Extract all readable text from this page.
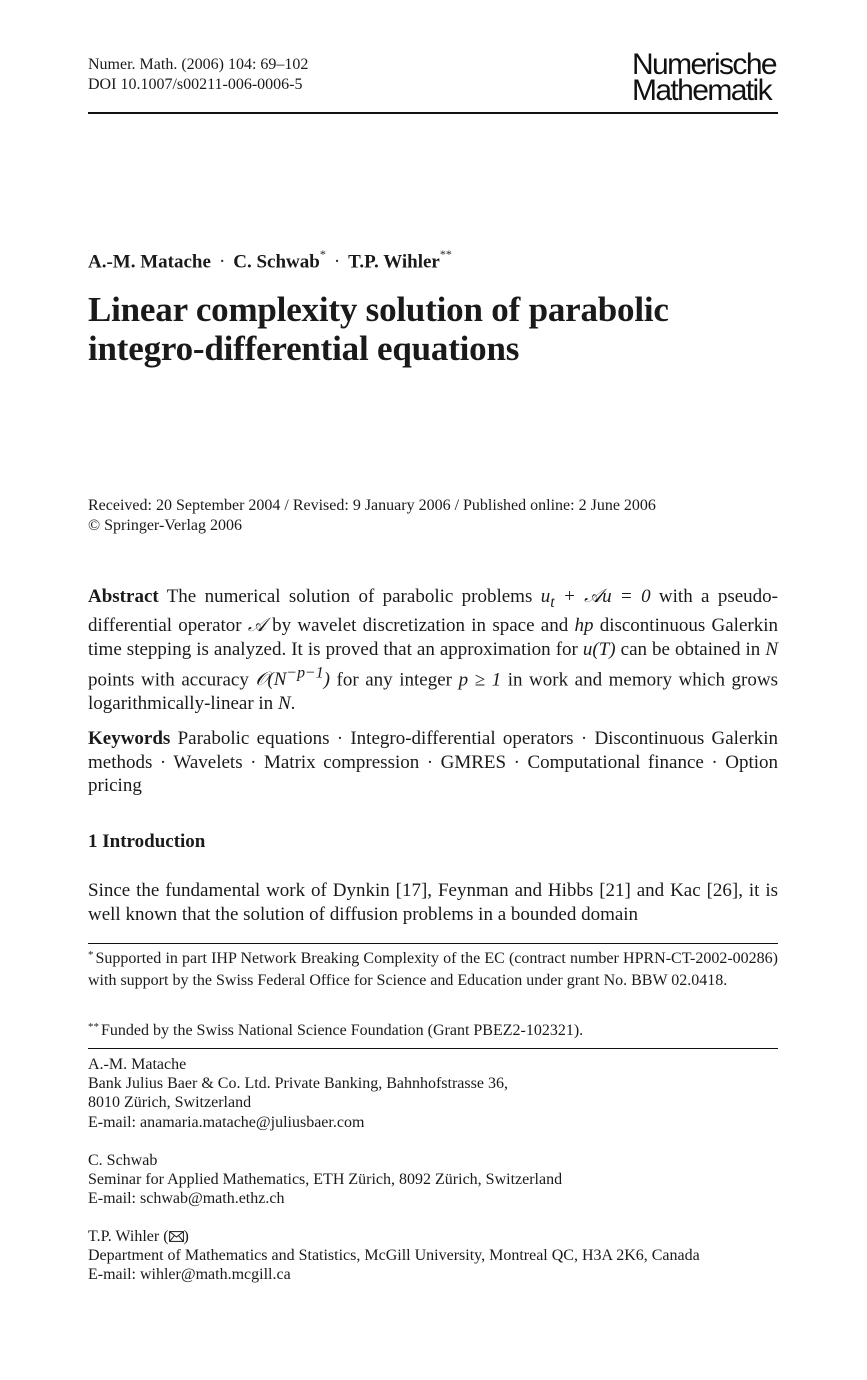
Numer. Math. (2006) 104: 69–102
DOI 10.1007/s00211-006-0006-5
Numerische
Mathematik
A.-M. Matache · C. Schwab* · T.P. Wihler**
Linear complexity solution of parabolic
integro-differential equations
Received: 20 September 2004 / Revised: 9 January 2006 / Published online: 2 June 2006
© Springer-Verlag 2006

Abstract The numerical solution of parabolic problems $u_t$ + 𝒜u = 0 with a pseudo-differential operator 𝒜 by wavelet discretization in space and hp discontinuous Galerkin time stepping is analyzed. It is proved that an approximation for u(T) can be obtained in N points with accuracy $𝒪(N^{-p-1})$ for any integer p ≥ 1 in work and memory which grows logarithmically-linear in N.

Keywords Parabolic equations · Integro-differential operators · Discontinuous Galerkin methods · Wavelets · Matrix compression · GMRES · Computational finance · Option pricing

1 Introduction

Since the fundamental work of Dynkin [17], Feynman and Hibbs [21] and Kac [26], it is well known that the solution of diffusion problems in a bounded domain

* Supported in part IHP Network Breaking Complexity of the EC (contract number HPRN-CT-2002-00286) with support by the Swiss Federal Office for Science and Education under grant No. BBW 02.0418.

** Funded by the Swiss National Science Foundation (Grant PBEZ2-102321).

A.-M. Matache
Bank Julius Baer & Co. Ltd. Private Banking, Bahnhofstrasse 36,
8010 Zürich, Switzerland
E-mail: anamaria.matache@juliusbaer.com
C. Schwab
Seminar for Applied Mathematics, ETH Zürich, 8092 Zürich, Switzerland
E-mail: schwab@math.ethz.ch
T.P. Wihler ( )
Department of Mathematics and Statistics, McGill University, Montreal QC, H3A 2K6, Canada
E-mail: wihler@math.mcgill.ca
